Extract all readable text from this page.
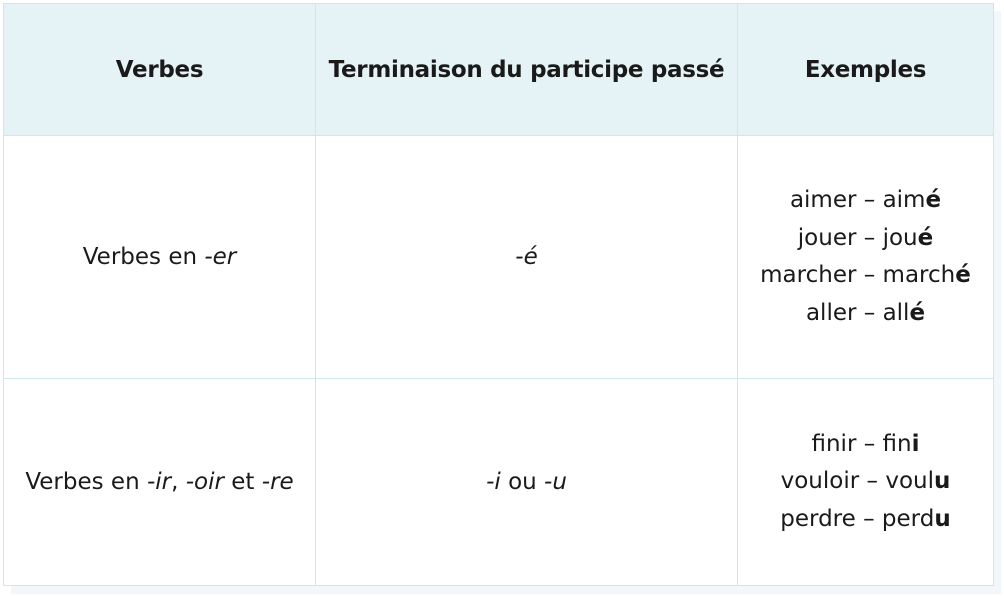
Verbes	Terminaison du participe passé	Exemples
Verbes en -er	-é	aimer – aimé
jouer – joué
marcher – marché
aller – allé

Verbes en -ir, -oir et -re	-i ou -u	finir – fini
vouloir – voulu
perdre – perdu
